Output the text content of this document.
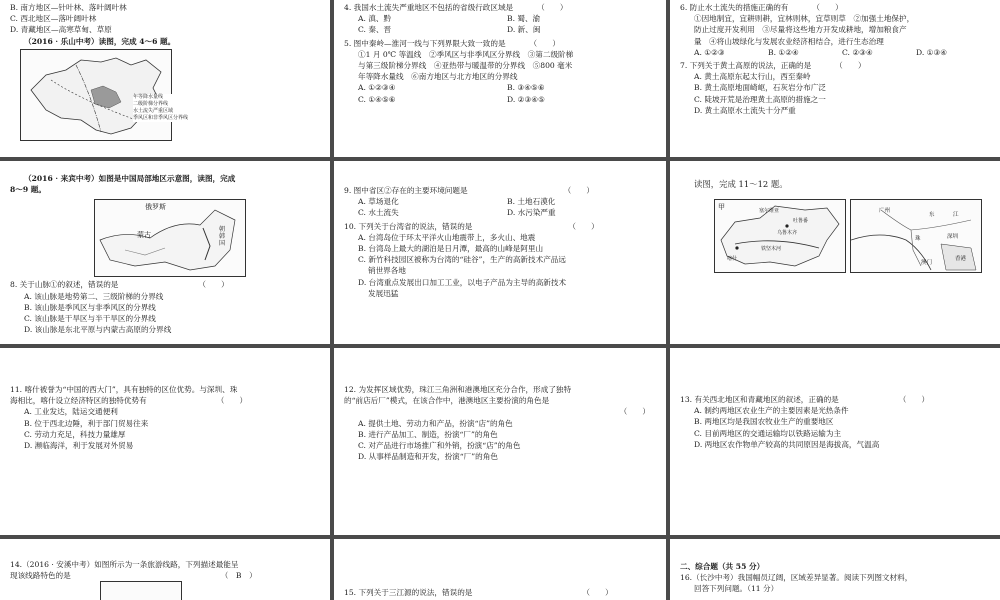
B. 南方地区—针叶林、落叶阔叶林
C. 西北地区—落叶阔叶林
D. 青藏地区—高寒草甸、草原
（2016 · 乐山中考）读图，完成 4～6 题。
年等降水量线
二级阶梯分界线
水土流失严重区域
季风区和非季风区分界线
4. 我国水土流失严重地区不包括的省级行政区域是	（　　）
A. 滇、黔	B. 蜀、渝
C. 秦、晋	D. 新、闽
5. 图中秦岭—淮河一线与下列界限大致一致的是	（　　）
①1 月 0℃ 等温线　②季风区与非季风区分界线　③第二级阶梯
与第三级阶梯分界线　④亚热带与暖温带的分界线　⑤800 毫米
年等降水量线　⑥南方地区与北方地区的分界线
A. ①②③④	B. ③④⑤⑥
C. ①④⑤⑥	D. ②③④⑤
6. 防止水土流失的措施正确的有	（　　）
①因地制宜，宜耕则耕，宜林则林，宜草则草　②加强土地保护，
防止过度开发利用　③尽量将这些地方开发成耕地，增加粮食产
量　④将山坡绿化与发展农业经济相结合，进行生态治理
A. ①②③	B. ①②④	C. ②③④	D. ①③④
7. 下列关于黄土高原的说法，正确的是	（　　）
A. 黄土高原东起太行山，西至秦岭
B. 黄土高原地面崎岖，石灰岩分布广泛
C. 陡坡开荒是治理黄土高原的措施之一
D. 黄土高原水土流失十分严重
（2016 · 来宾中考）如图是中国局部地区示意图，读图，完成
8～9 题。
俄罗斯
蒙古
朝
韩
国
8. 关于山脉①的叙述，错误的是	（　　）
A. 该山脉是地势第二、三级阶梯的分界线
B. 该山脉是季风区与非季风区的分界线
C. 该山脉是干旱区与半干旱区的分界线
D. 该山脉是东北平原与内蒙古高原的分界线
9. 图中省区②存在的主要环境问题是	（　　）
A. 草场退化	B. 土地石漠化
C. 水土流失	D. 水污染严重
10. 下列关于台湾省的说法，错误的是	（　　）
A. 台湾岛位于环太平洋火山地震带上，多火山、地震
B. 台湾岛上最大的湖泊是日月潭，最高的山峰是阿里山
C. 新竹科技园区被称为台湾的“硅谷”，生产的高新技术产品远
销世界各地
D. 台湾重点发展出口加工工业，以电子产品为主导的高新技术
发展迅猛
读图，完成 11～12 题。
甲	塞尔维亚
吐鲁番
乌鲁木齐
铁坚木河
喀什
广州
东	江
珠	深圳
香港
澳门
11. 喀什被誉为“中国的西大门”，具有独特的区位优势。与深圳、珠
海相比，喀什设立经济特区的独特优势有	（　　）
A. 工业发达，陆运交通便利
B. 位于西北边陲，利于部门贸易往来
C. 劳动力充足，科技力量雄厚
D. 濒临海洋，利于发展对外贸易
12. 为发挥区域优势，珠江三角洲和港澳地区充分合作，形成了独特
的“前店后厂”模式，在该合作中，港澳地区主要扮演的角色是
（　　）
A. 提供土地、劳动力和产品，扮演“店”的角色
B. 进行产品加工、制造，扮演“厂”的角色
C. 对产品进行市场推广和外销，扮演“店”的角色
D. 从事样品制造和开发，扮演“厂”的角色
13. 有关西北地区和青藏地区的叙述，正确的是	（　　）
A. 制约两地区农业生产的主要因素是光热条件
B. 两地区均是我国农牧业生产的重要地区
C. 目前两地区的交通运输均以铁路运输为主
D. 两地区农作物单产较高的共同原因是海拔高，气温高
14.（2016 · 安溪中考）如图所示为一条旅游线路，下列描述最能呈
现该线路特色的是	（　B　）
15. 下列关于三江源的说法，错误的是	（　　）
二、综合题（共 55 分）
16.（长沙中考）我国幅员辽阔，区域差异显著。阅读下列图文材料，
回答下列问题。（11 分）
